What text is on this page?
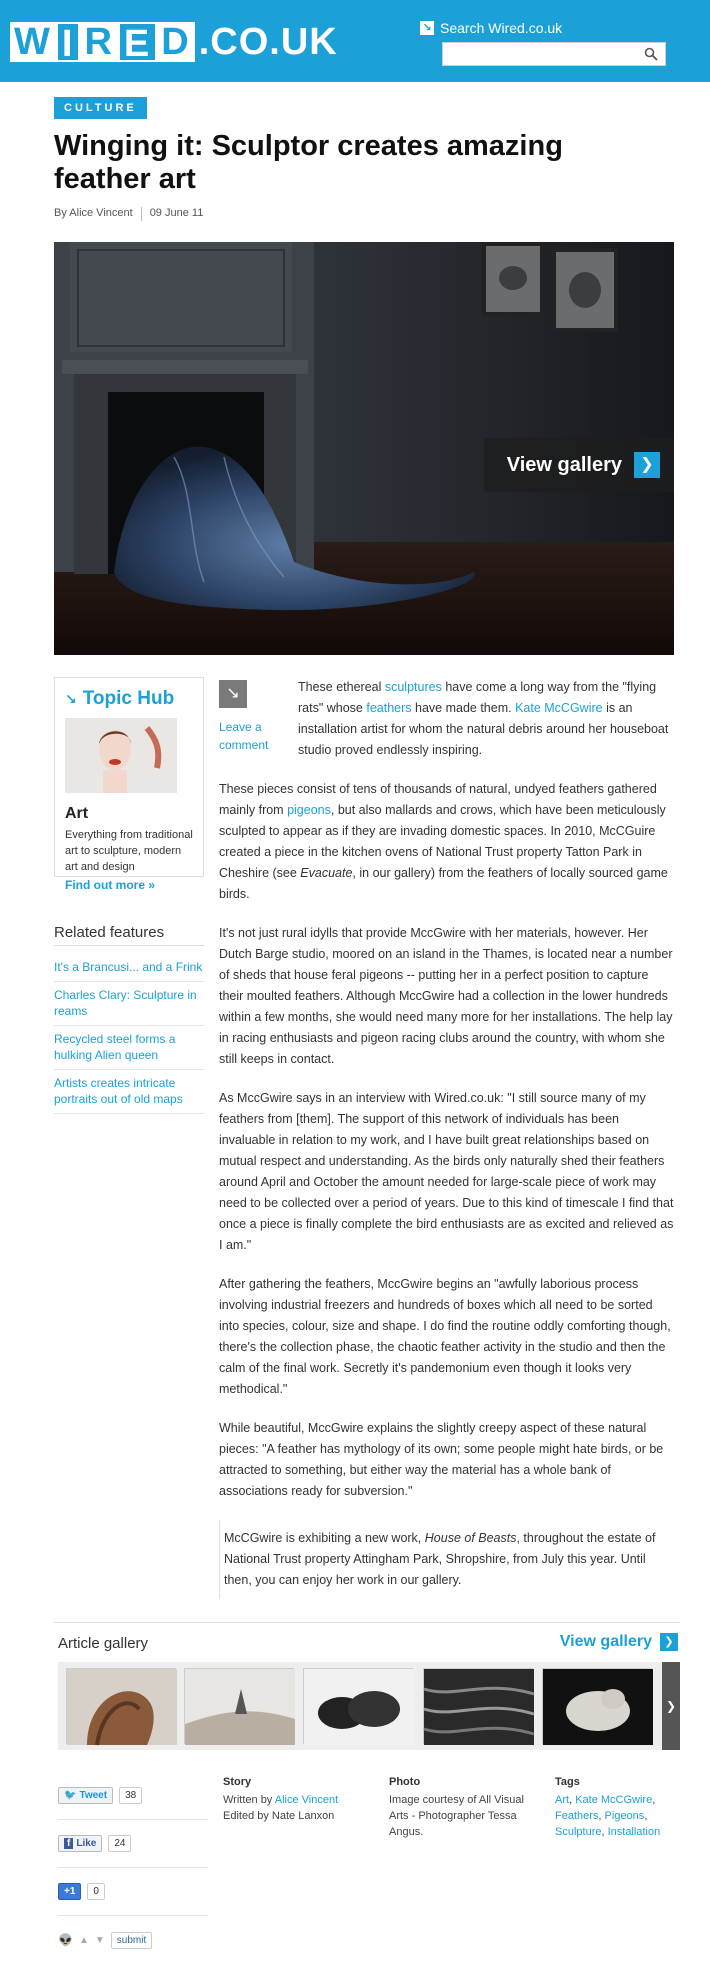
W I R E D .CO.UK	↘ Search Wired.co.uk
CULTURE
Winging it: Sculptor creates amazing feather art
By Alice Vincent 09 June 11
View gallery	❯
↘ Topic Hub
Art
Everything from traditional art to sculpture, modern art and design
Find out more »
Related features
It's a Brancusi... and a Frink
Charles Clary: Sculpture in reams
Recycled steel forms a hulking Alien queen
Artists creates intricate portraits out of old maps

These ethereal sculptures have come a long way from the "flying rats" whose feathers have made them. Kate McCGwire is an installation artist for whom the natural debris around her houseboat studio proved endlessly inspiring.

These pieces consist of tens of thousands of natural, undyed feathers gathered mainly from pigeons, but also mallards and crows, which have been meticulously sculpted to appear as if they are invading domestic spaces. In 2010, McCGuire created a piece in the kitchen ovens of National Trust property Tatton Park in Cheshire (see Evacuate, in our gallery) from the feathers of locally sourced game birds.

It's not just rural idylls that provide MccGwire with her materials, however. Her Dutch Barge studio, moored on an island in the Thames, is located near a number of sheds that house feral pigeons -- putting her in a perfect position to capture their moulted feathers. Although MccGwire had a collection in the lower hundreds within a few months, she would need many more for her installations. The help lay in racing enthusiasts and pigeon racing clubs around the country, with whom she still keeps in contact.

As MccGwire says in an interview with Wired.co.uk: "I still source many of my feathers from [them]. The support of this network of individuals has been invaluable in relation to my work, and I have built great relationships based on mutual respect and understanding. As the birds only naturally shed their feathers around April and October the amount needed for large-scale piece of work may need to be collected over a period of years. Due to this kind of timescale I find that once a piece is finally complete the bird enthusiasts are as excited and relieved as I am."

After gathering the feathers, MccGwire begins an "awfully laborious process involving industrial freezers and hundreds of boxes which all need to be sorted into species, colour, size and shape. I do find the routine oddly comforting though, there's the collection phase, the chaotic feather activity in the studio and then the calm of the final work. Secretly it's pandemonium even though it looks very methodical."

While beautiful, MccGwire explains the slightly creepy aspect of these natural pieces: "A feather has mythology of its own; some people might hate birds, or be attracted to something, but either way the material has a whole bank of associations ready for subversion."

McCGwire is exhibiting a new work, House of Beasts, throughout the estate of National Trust property Attingham Park, Shropshire, from July this year. Until then, you can enjoy her work in our gallery.

↘
Leave a comment
Article gallery	View gallery	❯
❯
🐦 Tweet	38
f Like	24
+1	0
👽 ▲ ▼	submit
Story
Written by Alice Vincent
Edited by Nate Lanxon
Photo
Image courtesy of All Visual Arts - Photographer Tessa Angus.
Tags
Art, Kate McCGwire, Feathers, Pigeons, Sculpture, Installation
